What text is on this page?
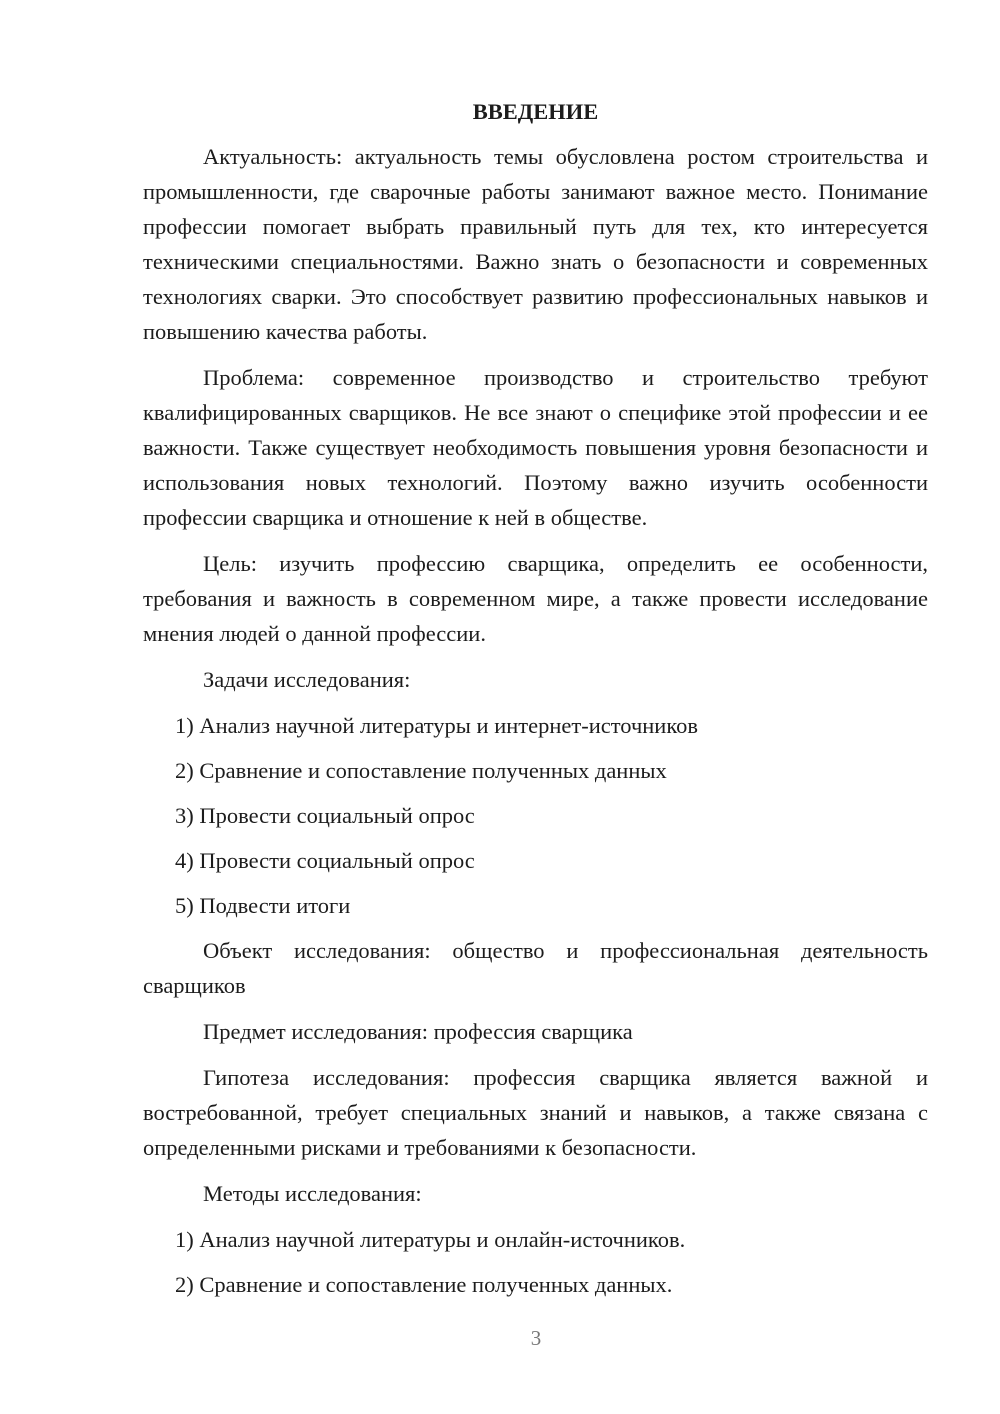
ВВЕДЕНИЕ

Актуальность: актуальность темы обусловлена ростом строительства и промышленности, где сварочные работы занимают важное место. Понимание профессии помогает выбрать правильный путь для тех, кто интересуется техническими специальностями. Важно знать о безопасности и современных технологиях сварки. Это способствует развитию профессиональных навыков и повышению качества работы.

Проблема: современное производство и строительство требуют квалифицированных сварщиков. Не все знают о специфике этой профессии и ее важности. Также существует необходимость повышения уровня безопасности и использования новых технологий. Поэтому важно изучить особенности профессии сварщика и отношение к ней в обществе.

Цель: изучить профессию сварщика, определить ее особенности, требования и важность в современном мире, а также провести исследование мнения людей о данной профессии.

Задачи исследования:

1) Анализ научной литературы и интернет-источников

2) Сравнение и сопоставление полученных данных

3) Провести социальный опрос

4) Провести социальный опрос

5) Подвести итоги

Объект исследования: общество и профессиональная деятельность сварщиков

Предмет исследования: профессия сварщика

Гипотеза исследования: профессия сварщика является важной и востребованной, требует специальных знаний и навыков, а также связана с определенными рисками и требованиями к безопасности.

Методы исследования:

1) Анализ научной литературы и онлайн-источников.

2) Сравнение и сопоставление полученных данных.

3
